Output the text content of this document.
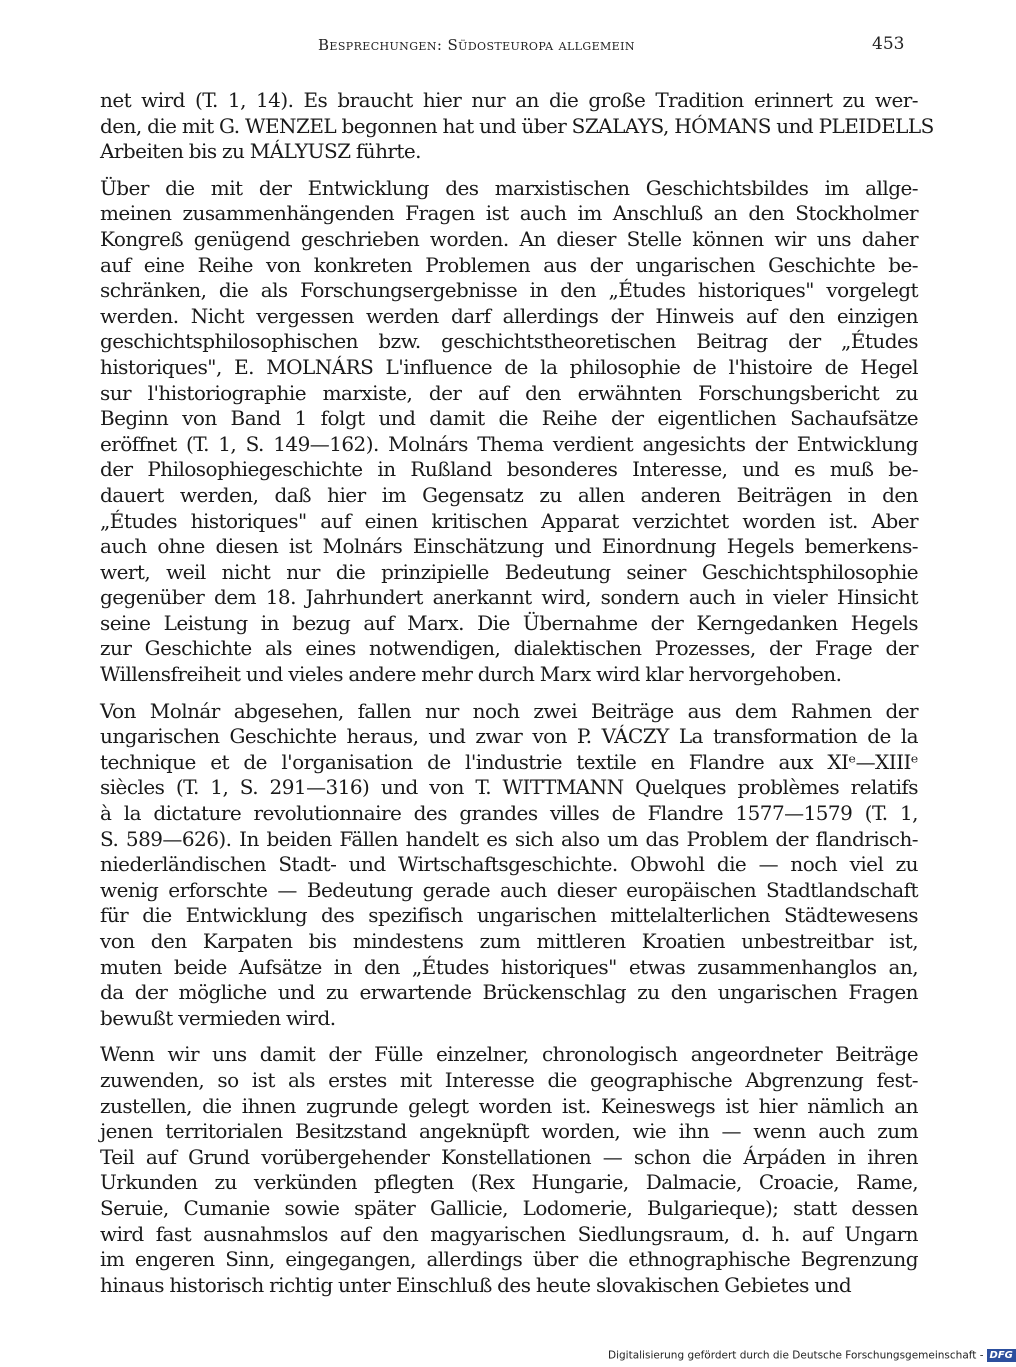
Besprechungen: Südosteuropa allgemein	453

net wird (T. 1, 14). Es braucht hier nur an die große Tradition erinnert zu wer-
den, die mit G. WENZEL begonnen hat und über SZALAYS, HÓMANS und PLEIDELLS
Arbeiten bis zu MÁLYUSZ führte.

Über die mit der Entwicklung des marxistischen Geschichtsbildes im allge-
meinen zusammenhängenden Fragen ist auch im Anschluß an den Stockholmer
Kongreß genügend geschrieben worden. An dieser Stelle können wir uns daher
auf eine Reihe von konkreten Problemen aus der ungarischen Geschichte be-
schränken, die als Forschungsergebnisse in den „Études historiques" vorgelegt
werden. Nicht vergessen werden darf allerdings der Hinweis auf den einzigen
geschichtsphilosophischen bzw. geschichtstheoretischen Beitrag der „Études
historiques", E. MOLNÁRS L'influence de la philosophie de l'histoire de Hegel
sur l'historiographie marxiste, der auf den erwähnten Forschungsbericht zu
Beginn von Band 1 folgt und damit die Reihe der eigentlichen Sachaufsätze
eröffnet (T. 1, S. 149—162). Molnárs Thema verdient angesichts der Entwicklung
der Philosophiegeschichte in Rußland besonderes Interesse, und es muß be-
dauert werden, daß hier im Gegensatz zu allen anderen Beiträgen in den
„Études historiques" auf einen kritischen Apparat verzichtet worden ist. Aber
auch ohne diesen ist Molnárs Einschätzung und Einordnung Hegels bemerkens-
wert, weil nicht nur die prinzipielle Bedeutung seiner Geschichtsphilosophie
gegenüber dem 18. Jahrhundert anerkannt wird, sondern auch in vieler Hinsicht
seine Leistung in bezug auf Marx. Die Übernahme der Kerngedanken Hegels
zur Geschichte als eines notwendigen, dialektischen Prozesses, der Frage der
Willensfreiheit und vieles andere mehr durch Marx wird klar hervorgehoben.

Von Molnár abgesehen, fallen nur noch zwei Beiträge aus dem Rahmen der
ungarischen Geschichte heraus, und zwar von P. VÁCZY La transformation de la
technique et de l'organisation de l'industrie textile en Flandre aux XIᵉ—XIIIᵉ
siècles (T. 1, S. 291—316) und von T. WITTMANN Quelques problèmes relatifs
à la dictature revolutionnaire des grandes villes de Flandre 1577—1579 (T. 1,
S. 589—626). In beiden Fällen handelt es sich also um das Problem der flandrisch-
niederländischen Stadt- und Wirtschaftsgeschichte. Obwohl die — noch viel zu
wenig erforschte — Bedeutung gerade auch dieser europäischen Stadtlandschaft
für die Entwicklung des spezifisch ungarischen mittelalterlichen Städtewesens
von den Karpaten bis mindestens zum mittleren Kroatien unbestreitbar ist,
muten beide Aufsätze in den „Études historiques" etwas zusammenhanglos an,
da der mögliche und zu erwartende Brückenschlag zu den ungarischen Fragen
bewußt vermieden wird.

Wenn wir uns damit der Fülle einzelner, chronologisch angeordneter Beiträge
zuwenden, so ist als erstes mit Interesse die geographische Abgrenzung fest-
zustellen, die ihnen zugrunde gelegt worden ist. Keineswegs ist hier nämlich an
jenen territorialen Besitzstand angeknüpft worden, wie ihn — wenn auch zum
Teil auf Grund vorübergehender Konstellationen — schon die Árpáden in ihren
Urkunden zu verkünden pflegten (Rex Hungarie, Dalmacie, Croacie, Rame,
Seruie, Cumanie sowie später Gallicie, Lodomerie, Bulgarieque); statt dessen
wird fast ausnahmslos auf den magyarischen Siedlungsraum, d. h. auf Ungarn
im engeren Sinn, eingegangen, allerdings über die ethnographische Begrenzung
hinaus historisch richtig unter Einschluß des heute slovakischen Gebietes und

Digitalisierung gefördert durch die Deutsche Forschungsgemeinschaft - DFG
